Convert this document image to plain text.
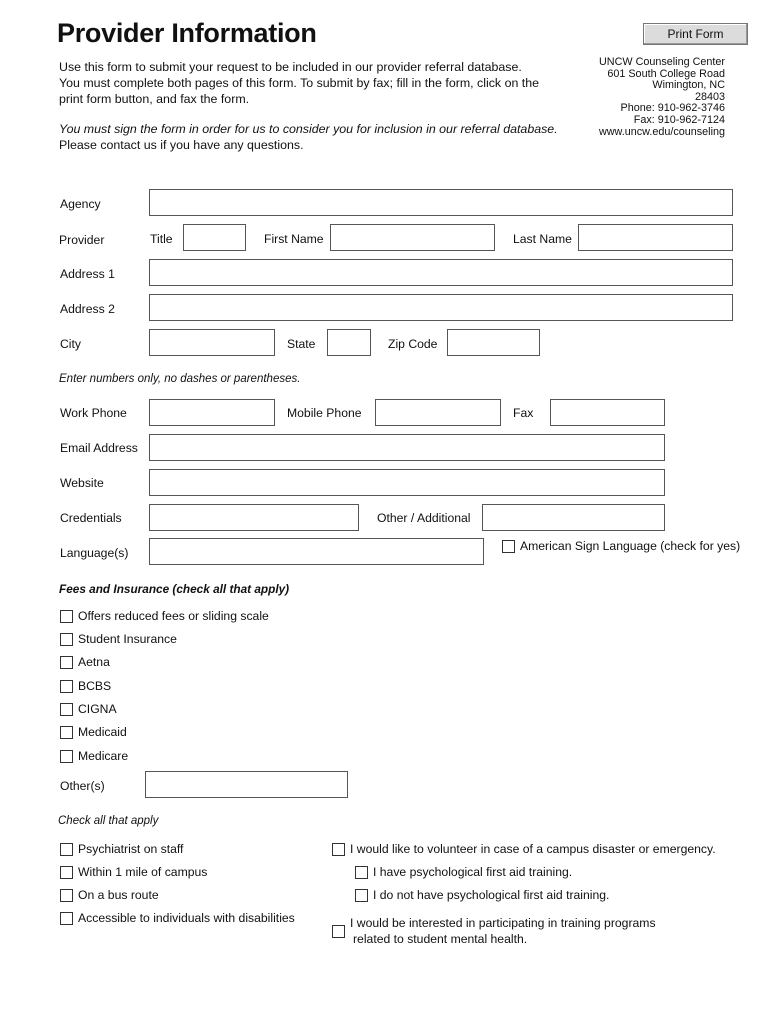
Provider Information	Print Form
Use this form to submit your request to be included in our provider referral database.
You must complete both pages of this form. To submit by fax; fill in the form, click on the
print form button, and fax the form.
You must sign the form in order for us to consider you for inclusion in our referral database.
Please contact us if you have any questions.
UNCW Counseling Center
601 South College Road
Wimington, NC
28403
Phone: 910-962-3746
Fax: 910-962-7124
www.uncw.edu/counseling
Agency
Provider	Title	First Name	Last Name
Address 1
Address 2
City	State	Zip Code
Enter numbers only, no dashes or parentheses.
Work Phone	Mobile Phone	Fax
Email Address
Website
Credentials	Other / Additional
Language(s)	American Sign Language (check for yes)
Fees and Insurance (check all that apply)
Offers reduced fees or sliding scale
Student Insurance
Aetna
BCBS
CIGNA
Medicaid
Medicare
Other(s)
Check all that apply
Psychiatrist on staff
Within 1 mile of campus
On a bus route
Accessible to individuals with disabilities
I would like to volunteer in case of a campus disaster or emergency.
I have psychological first aid training.
I do not have psychological first aid training.
I would be interested in participating in training programs
related to student mental health.
